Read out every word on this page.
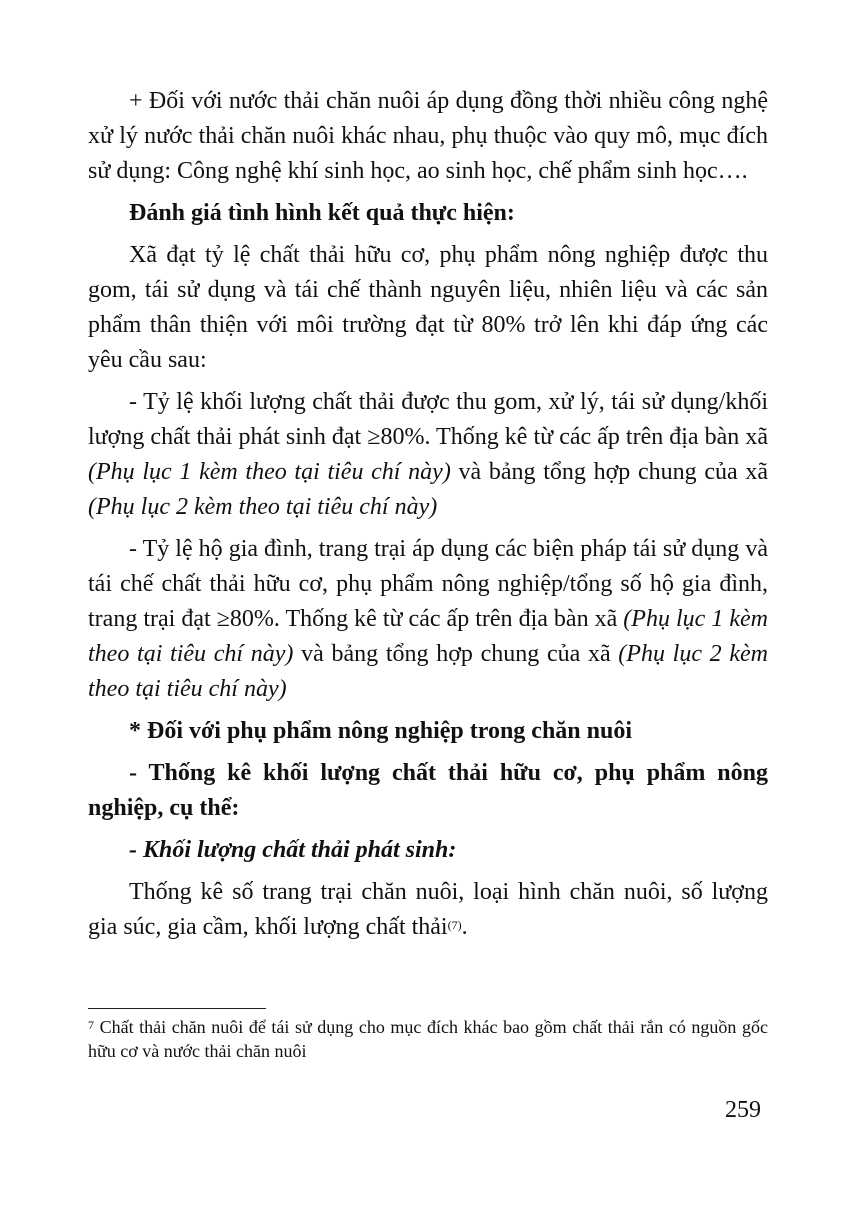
+ Đối với nước thải chăn nuôi áp dụng đồng thời nhiều công nghệ xử lý nước thải chăn nuôi khác nhau, phụ thuộc vào quy mô, mục đích sử dụng: Công nghệ khí sinh học, ao sinh học, chế phẩm sinh học….

Đánh giá tình hình kết quả thực hiện:

Xã đạt tỷ lệ chất thải hữu cơ, phụ phẩm nông nghiệp được thu gom, tái sử dụng và tái chế thành nguyên liệu, nhiên liệu và các sản phẩm thân thiện với môi trường đạt từ 80% trở lên khi đáp ứng các yêu cầu sau:

- Tỷ lệ khối lượng chất thải được thu gom, xử lý, tái sử dụng/khối lượng chất thải phát sinh đạt ≥80%. Thống kê từ các ấp trên địa bàn xã (Phụ lục 1 kèm theo tại tiêu chí này) và bảng tổng hợp chung của xã (Phụ lục 2 kèm theo tại tiêu chí này)

- Tỷ lệ hộ gia đình, trang trại áp dụng các biện pháp tái sử dụng và tái chế chất thải hữu cơ, phụ phẩm nông nghiệp/tổng số hộ gia đình, trang trại đạt ≥80%. Thống kê từ các ấp trên địa bàn xã (Phụ lục 1 kèm theo tại tiêu chí này) và bảng tổng hợp chung của xã (Phụ lục 2 kèm theo tại tiêu chí này)

* Đối với phụ phẩm nông nghiệp trong chăn nuôi

- Thống kê khối lượng chất thải hữu cơ, phụ phẩm nông nghiệp, cụ thể:

- Khối lượng chất thải phát sinh:

Thống kê số trang trại chăn nuôi, loại hình chăn nuôi, số lượng gia súc, gia cầm, khối lượng chất thải$^{(7)}$.

$^7$ Chất thải chăn nuôi để tái sử dụng cho mục đích khác bao gồm chất thải rắn có nguồn gốc hữu cơ và nước thải chăn nuôi
259
